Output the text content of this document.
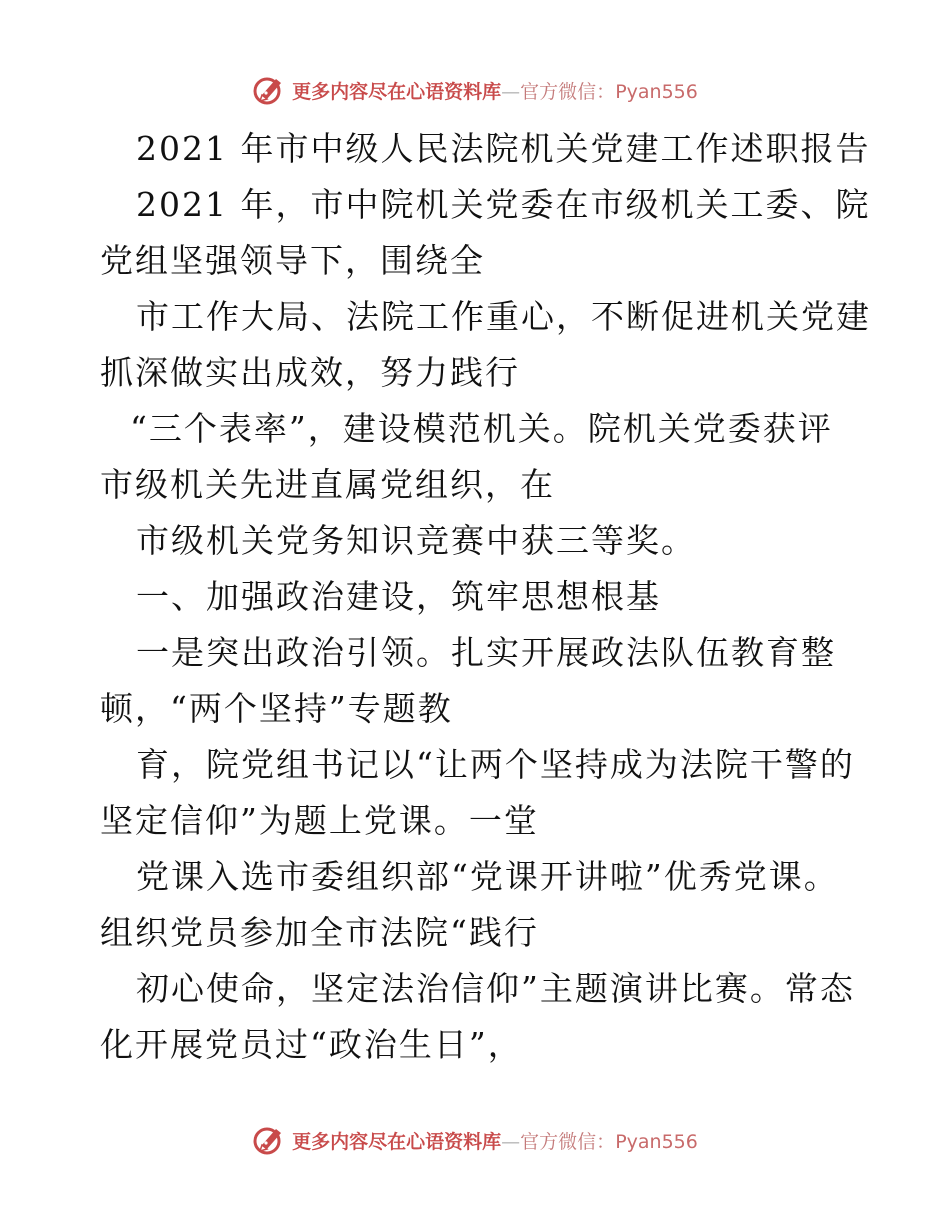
更多内容尽在心语资料库—官方微信：Pyan556
2021 年市中级人民法院机关党建工作述职报告
2021 年，市中院机关党委在市级机关工委、院
党组坚强领导下，围绕全
市工作大局、法院工作重心，不断促进机关党建
抓深做实出成效，努力践行
“三个表率”，建设模范机关。院机关党委获评
市级机关先进直属党组织，在
市级机关党务知识竞赛中获三等奖。
一、加强政治建设，筑牢思想根基
一是突出政治引领。扎实开展政法队伍教育整
顿，“两个坚持”专题教
育，院党组书记以“让两个坚持成为法院干警的
坚定信仰”为题上党课。一堂
党课入选市委组织部“党课开讲啦”优秀党课。
组织党员参加全市法院“践行
初心使命，坚定法治信仰”主题演讲比赛。常态
化开展党员过“政治生日”，
更多内容尽在心语资料库—官方微信：Pyan556
